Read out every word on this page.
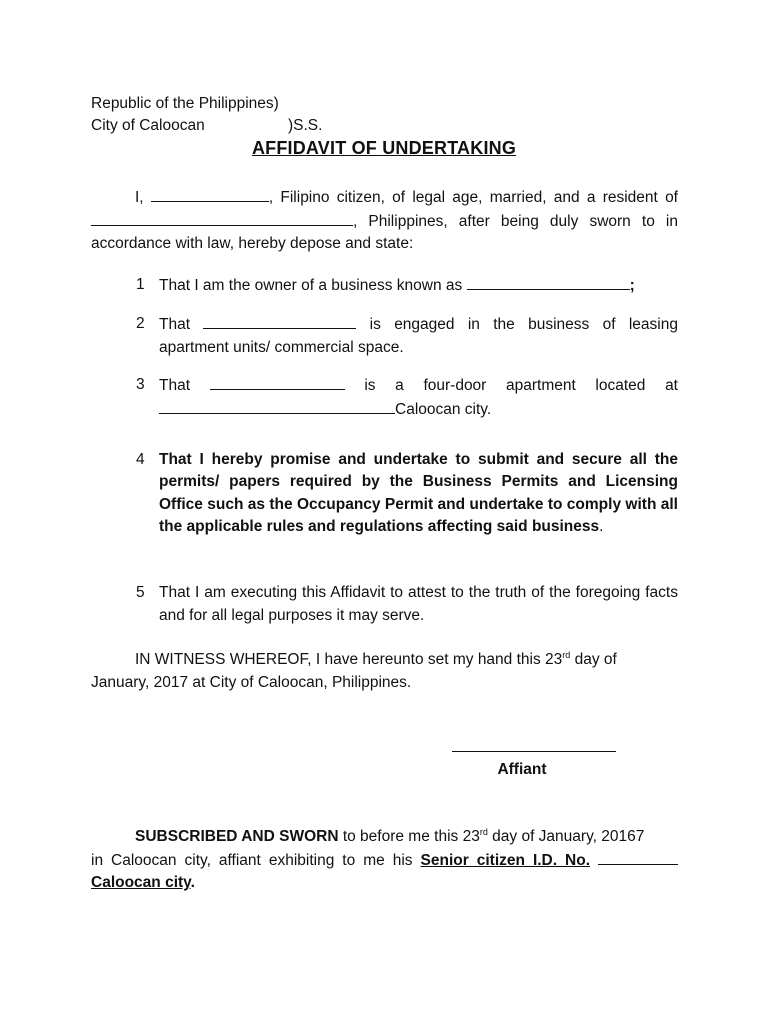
Republic of the Philippines)
City of Caloocan	)S.S.
AFFIDAVIT OF UNDERTAKING
I,	, Filipino citizen, of legal age, married, and a resident of
, Philippines, after being duly sworn to in
accordance with law, hereby depose and state:
1 That I am the owner of a business known as	;
2 That	is engaged in the business of leasing
apartment units/ commercial space.
3 That	is a four-door apartment located at
Caloocan city.
4 That I hereby promise and undertake to submit and secure all the permits/ papers required by the Business Permits and Licensing Office such as the Occupancy Permit and undertake to comply with all the applicable rules and regulations affecting said business.
5 That I am executing this Affidavit to attest to the truth of the foregoing facts and for all legal purposes it may serve.
IN WITNESS WHEREOF, I have hereunto set my hand this 23rd day of
January, 2017 at City of Caloocan, Philippines.
Affiant
SUBSCRIBED AND SWORN to before me this 23rd day of January, 20167
in Caloocan city, affiant exhibiting to me his Senior citizen I.D. No.
Caloocan city.
